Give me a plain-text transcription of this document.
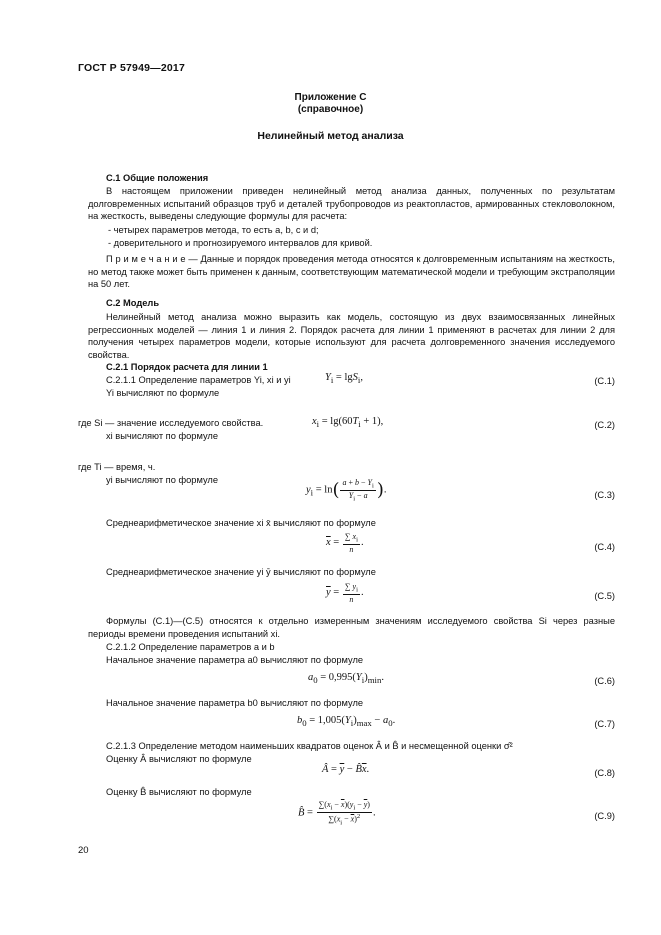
ГОСТ Р 57949—2017
Приложение С
(справочное)
Нелинейный метод анализа
С.1 Общие положения
В настоящем приложении приведен нелинейный метод анализа данных, полученных по результатам долговременных испытаний образцов труб и деталей трубопроводов из реактопластов, армированных стекловолокном, на жесткость, выведены следующие формулы для расчета:
- четырех параметров метода, то есть a, b, c и d;
- доверительного и прогнозируемого интервалов для кривой.
П р и м е ч а н и е — Данные и порядок проведения метода относятся к долговременным испытаниям на жесткость, но метод также может быть применен к данным, соответствующим математической модели и требующим экстраполяции на 50 лет.
С.2 Модель
Нелинейный метод анализа можно выразить как модель, состоящую из двух взаимосвязанных линейных регрессионных моделей — линия 1 и линия 2. Порядок расчета для линии 1 применяют в расчетах для линии 2 для получения четырех параметров модели, которые используют для расчета долговременного значения исследуемого свойства.
С.2.1 Порядок расчета для линии 1
С.2.1.1 Определение параметров Yi, xi и yi
Yi вычисляют по формуле
$Y_i = \lg S_i$,	(С.1)
где Si — значение исследуемого свойства.
xi вычисляют по формуле
$x_i = \lg(60T_i + 1)$,	(С.2)
где Ti — время, ч.
yi вычисляют по формуле
$y_i = \ln( \frac{a + b - Y_i}{Y_i - a}$ ).	(С.3)
Среднеарифметическое значение xi x̄ вычисляют по формуле
$\overline{x} = \frac{\sum x_i}{n}$ .	(С.4)
Среднеарифметическое значение yi ȳ вычисляют по формуле
$\overline{y} = \frac{\sum y_i}{n}$ .	(С.5)
Формулы (С.1)—(С.5) относятся к отдельно измеренным значениям исследуемого свойства Si через разные периоды времени проведения испытаний xi.
С.2.1.2 Определение параметров a и b
Начальное значение параметра a0 вычисляют по формуле
$a_0 = 0,995(Y_i)_{min}$.	(С.6)
Начальное значение параметра b0 вычисляют по формуле
$b_0 = 1,005(Y_i)_{max} - a_0$.	(С.7)
С.2.1.3 Определение методом наименьших квадратов оценок Â и B̂ и несмещенной оценки σ̂²
Оценку Â вычисляют по формуле
Â = $\overline{y}$ − $B̂\overline{x}$.	(С.8)
Оценку B̂ вычисляют по формуле
B̂ = $\frac{\sum(x_i - \overline{x})(y_i - \overline{y})}{\sum(x_i - \overline{x})^2}$ .	(С.9)
20
